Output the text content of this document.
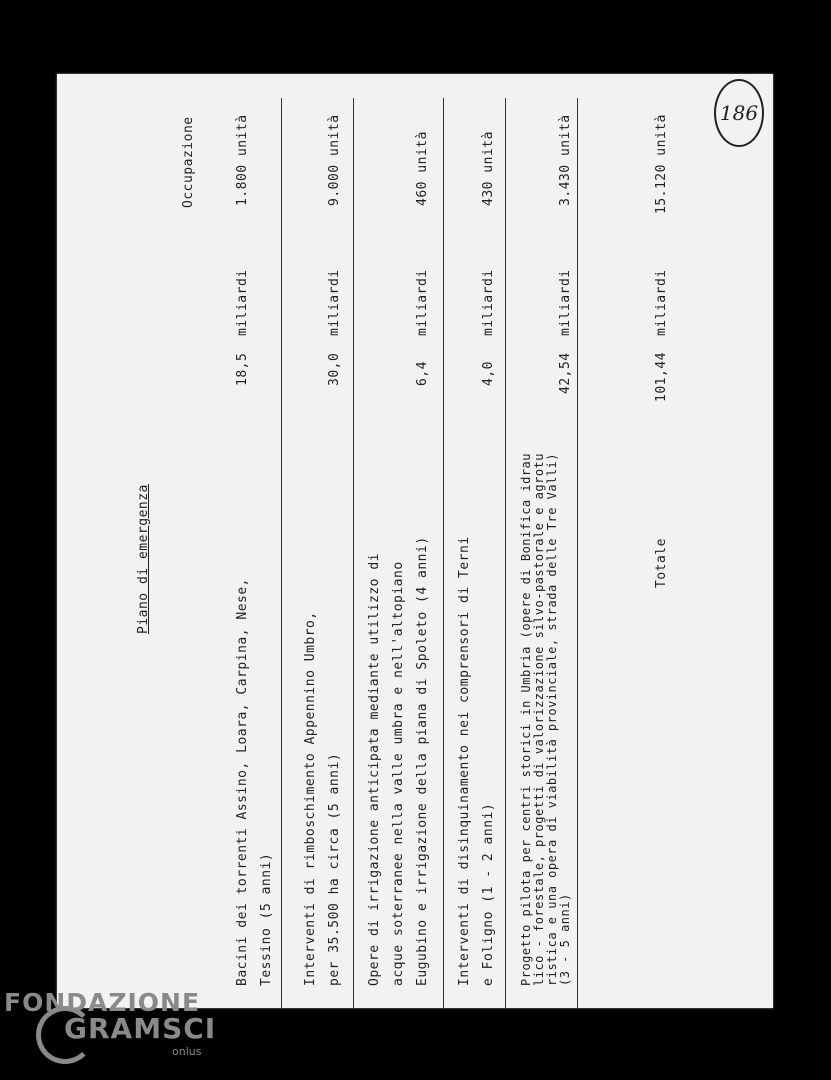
Piano di emergenza
Occupazione
186
Bacini dei torrenti Assino, Loara, Carpina, Nese, Tessino (5 anni)
18,5
miliardi
1.800 unità
Interventi di rimboschimento Appennino Umbro, per 35.500 ha circa (5 anni)
30,0
miliardi
9.000 unità
Opere di irrigazione anticipata mediante utilizzo di acque soterranee nella valle umbra e nell'altopiano Eugubino e irrigazione della piana di Spoleto (4 anni)
6,4
miliardi
460 unità
Interventi di disinquinamento nei comprensori di Terni e Foligno (1 - 2 anni)
4,0
miliardi
430 unità
Progetto pilota per centri storici in Umbria (opere di Bonifica idrau lico - forestale, progetti di valorizzazione silvo-pastorale e agrotu ristica e una opera di viabilità provinciale, strada delle Tre Valli) (3 - 5 anni)
42,54
miliardi
3.430 unità
Totale
101,44
miliardi
15.120 unità
FONDAZIONE
GRAMSCI
onlus
